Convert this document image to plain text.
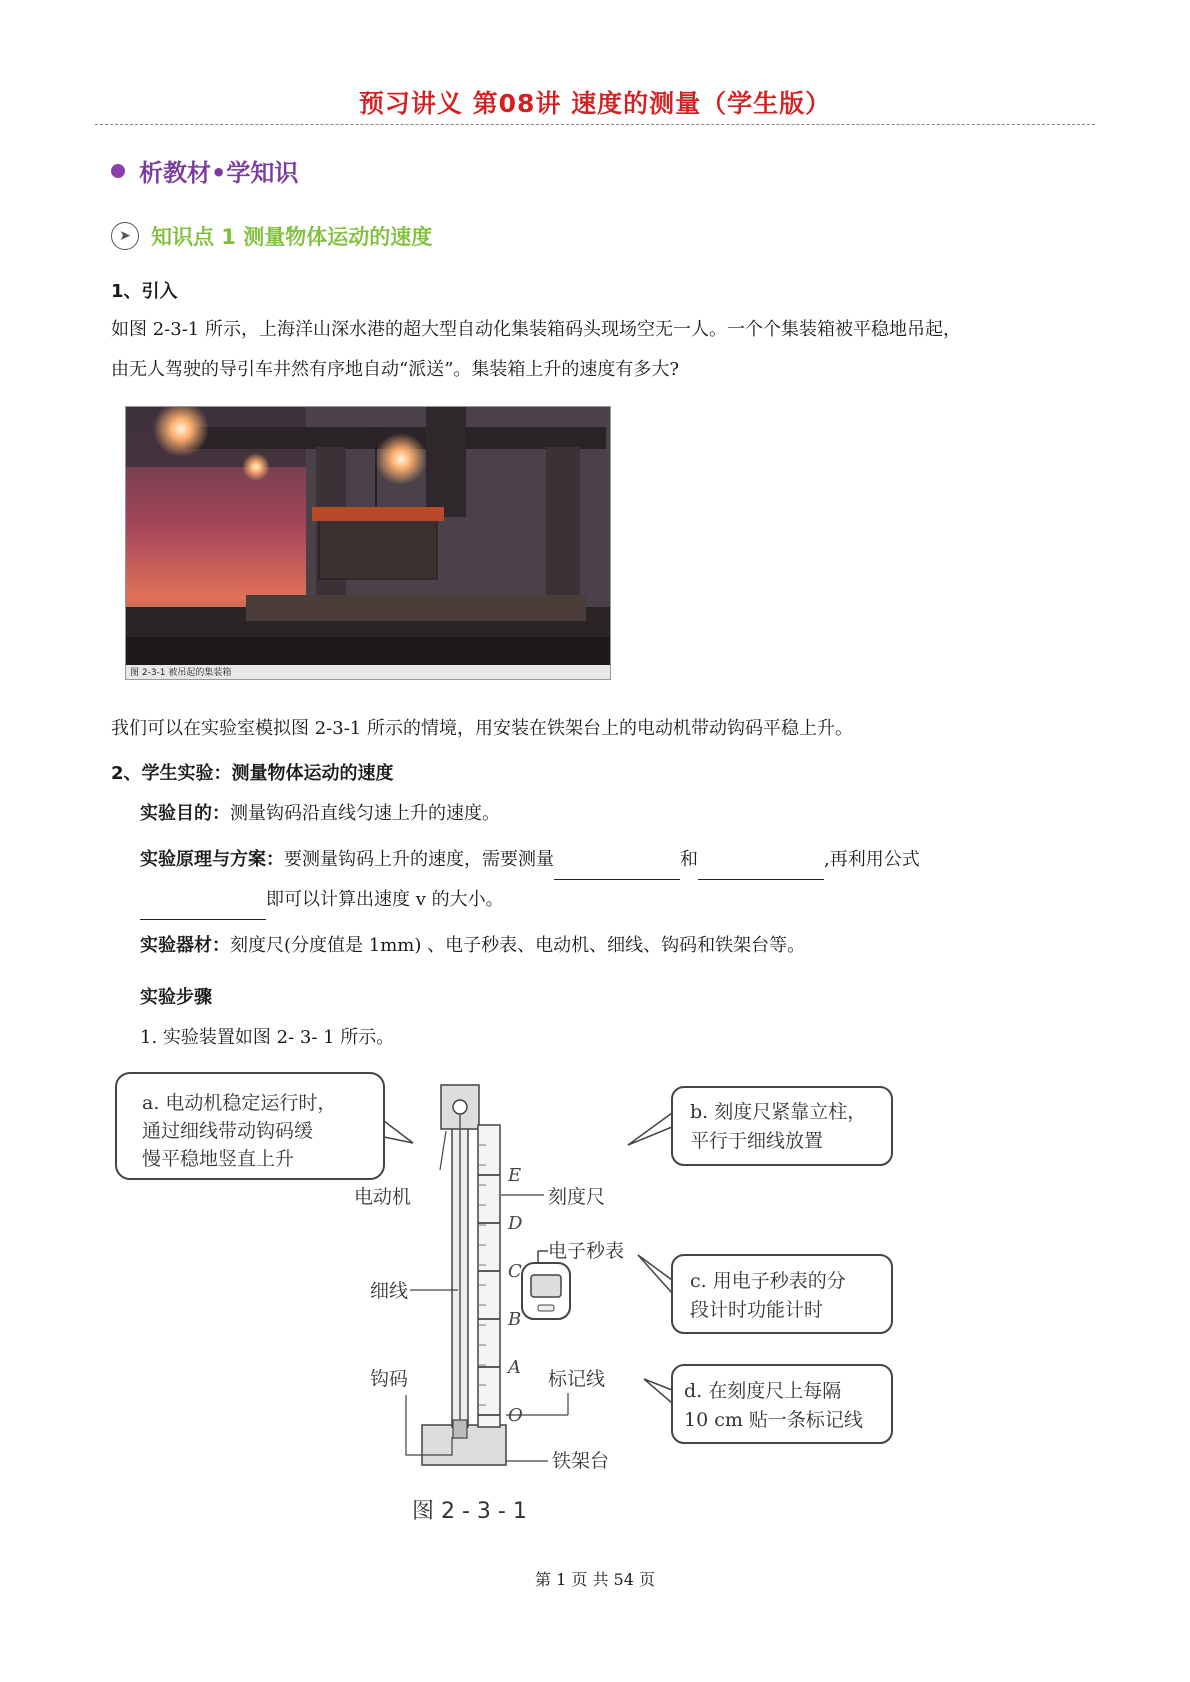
预习讲义 第08讲 速度的测量（学生版）
析教材•学知识
➤ 知识点 1 测量物体运动的速度
1、引入
如图 2-3-1 所示，上海洋山深水港的超大型自动化集装箱码头现场空无一人。一个个集装箱被平稳地吊起，
由无人驾驶的导引车井然有序地自动“派送”。集装箱上升的速度有多大?
图 2-3-1 被吊起的集装箱
我们可以在实验室模拟图 2-3-1 所示的情境，用安装在铁架台上的电动机带动钩码平稳上升。
2、学生实验：测量物体运动的速度
实验目的：测量钩码沿直线匀速上升的速度。
实验原理与方案：要测量钩码上升的速度，需要测量	和	,再利用公式
即可以计算出速度 v 的大小。
实验器材：刻度尺(分度值是 1mm) 、电子秒表、电动机、细线、钩码和铁架台等。
实验步骤
1. 实验装置如图 2- 3- 1 所示。
a. 电动机稳定运行时，
通过细线带动钩码缓
慢平稳地竖直上升
b. 刻度尺紧靠立柱，
平行于细线放置
c. 用电子秒表的分
段计时功能计时
d. 在刻度尺上每隔
10 cm 贴一条标记线
E
D
C
B
A
O
电动机	刻度尺
细线
电子秒表
钩码	标记线
铁架台
图 2 - 3 - 1
第 1 页 共 54 页
